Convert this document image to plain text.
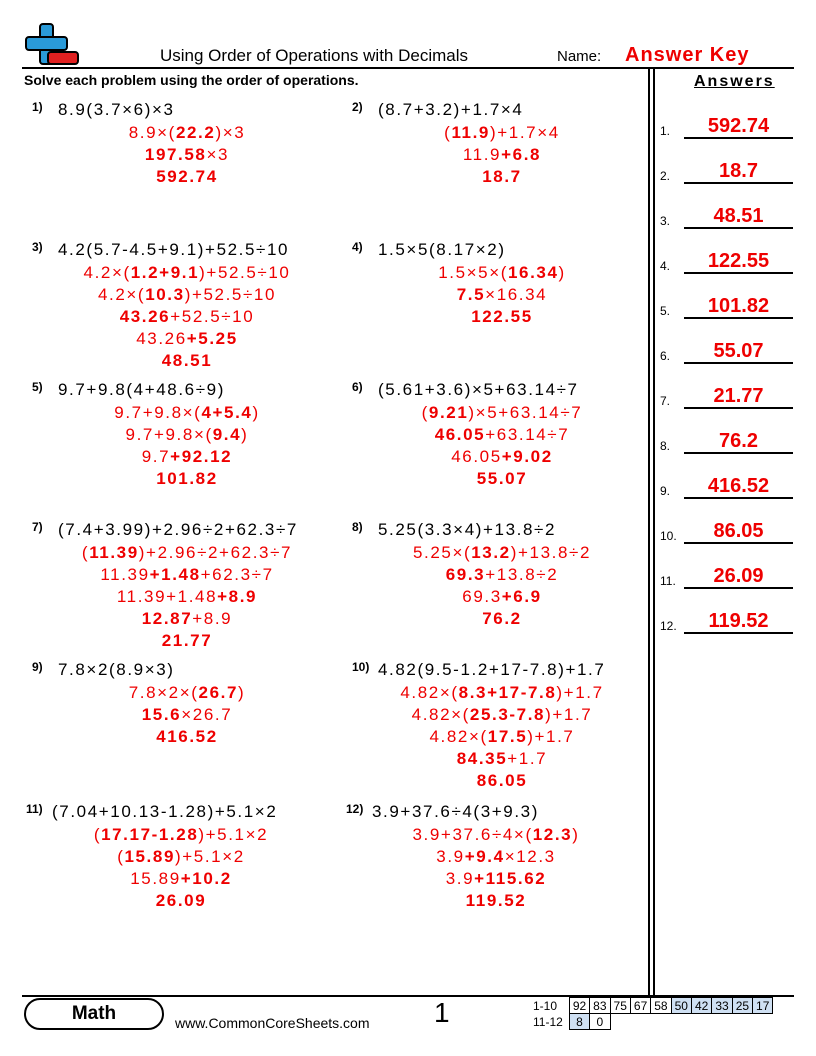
Using Order of Operations with Decimals	Name: Answer Key
Solve each problem using the order of operations.	Answers
1) 8.9(3.7×6)×3
8.9×(22.2)×3
197.58×3
592.74
2) (8.7+3.2)+1.7×4
(11.9)+1.7×4
11.9+6.8
18.7
3) 4.2(5.7-4.5+9.1)+52.5÷10
4.2×(1.2+9.1)+52.5÷10
4.2×(10.3)+52.5÷10
43.26+52.5÷10
43.26+5.25
48.51
4) 1.5×5(8.17×2)
1.5×5×(16.34)
7.5×16.34
122.55
5) 9.7+9.8(4+48.6÷9)
9.7+9.8×(4+5.4)
9.7+9.8×(9.4)
9.7+92.12
101.82
6) (5.61+3.6)×5+63.14÷7
(9.21)×5+63.14÷7
46.05+63.14÷7
46.05+9.02
55.07
7) (7.4+3.99)+2.96÷2+62.3÷7
(11.39)+2.96÷2+62.3÷7
11.39+1.48+62.3÷7
11.39+1.48+8.9
12.87+8.9
21.77
8) 5.25(3.3×4)+13.8÷2
5.25×(13.2)+13.8÷2
69.3+13.8÷2
69.3+6.9
76.2
9) 7.8×2(8.9×3)
7.8×2×(26.7)
15.6×26.7
416.52
10) 4.82(9.5-1.2+17-7.8)+1.7
4.82×(8.3+17-7.8)+1.7
4.82×(25.3-7.8)+1.7
4.82×(17.5)+1.7
84.35+1.7
86.05
11) (7.04+10.13-1.28)+5.1×2
(17.17-1.28)+5.1×2
(15.89)+5.1×2
15.89+10.2
26.09
12) 3.9+37.6÷4(3+9.3)
3.9+37.6÷4×(12.3)
3.9+9.4×12.3
3.9+115.62
119.52
1.	592.74
2.	18.7
3.	48.51
4.	122.55
5.	101.82
6.	55.07
7.	21.77
8.	76.2
9.	416.52
10.	86.05
11.	26.09
12.	119.52
Math	www.CommonCoreSheets.com 1	1-10	92	83	75	67	58	50	42	33	25	17
11-12	8	0								
